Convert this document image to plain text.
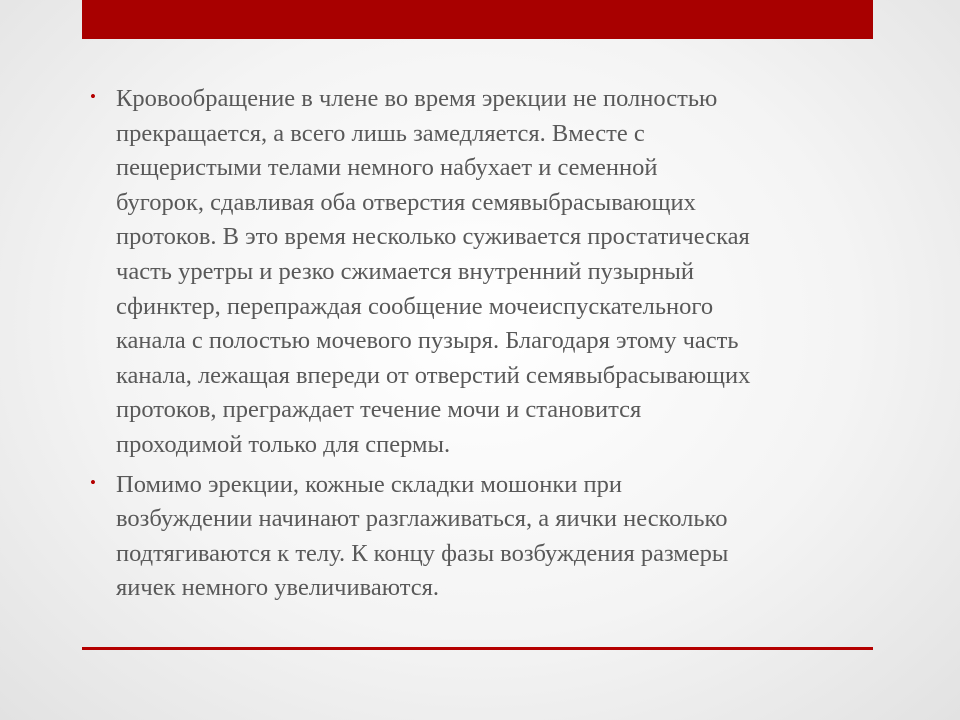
• Кровообращение в члене во время эрекции не полностью
прекращается, а всего лишь замедляется. Вместе с
пещеристыми телами немного набухает и семенной
бугорок, сдавливая оба отверстия семявыбрасывающих
протоков. В это время несколько суживается простатическая
часть уретры и резко сжимается внутренний пузырный
сфинктер, перепраждая сообщение мочеиспускательного
канала с полостью мочевого пузыря. Благодаря этому часть
канала, лежащая впереди от отверстий семявыбрасывающих
протоков, преграждает течение мочи и становится
проходимой только для спермы.
• Помимо эрекции, кожные складки мошонки при
возбуждении начинают разглаживаться, а яички несколько
подтягиваются к телу. К концу фазы возбуждения размеры
яичек немного увеличиваются.
